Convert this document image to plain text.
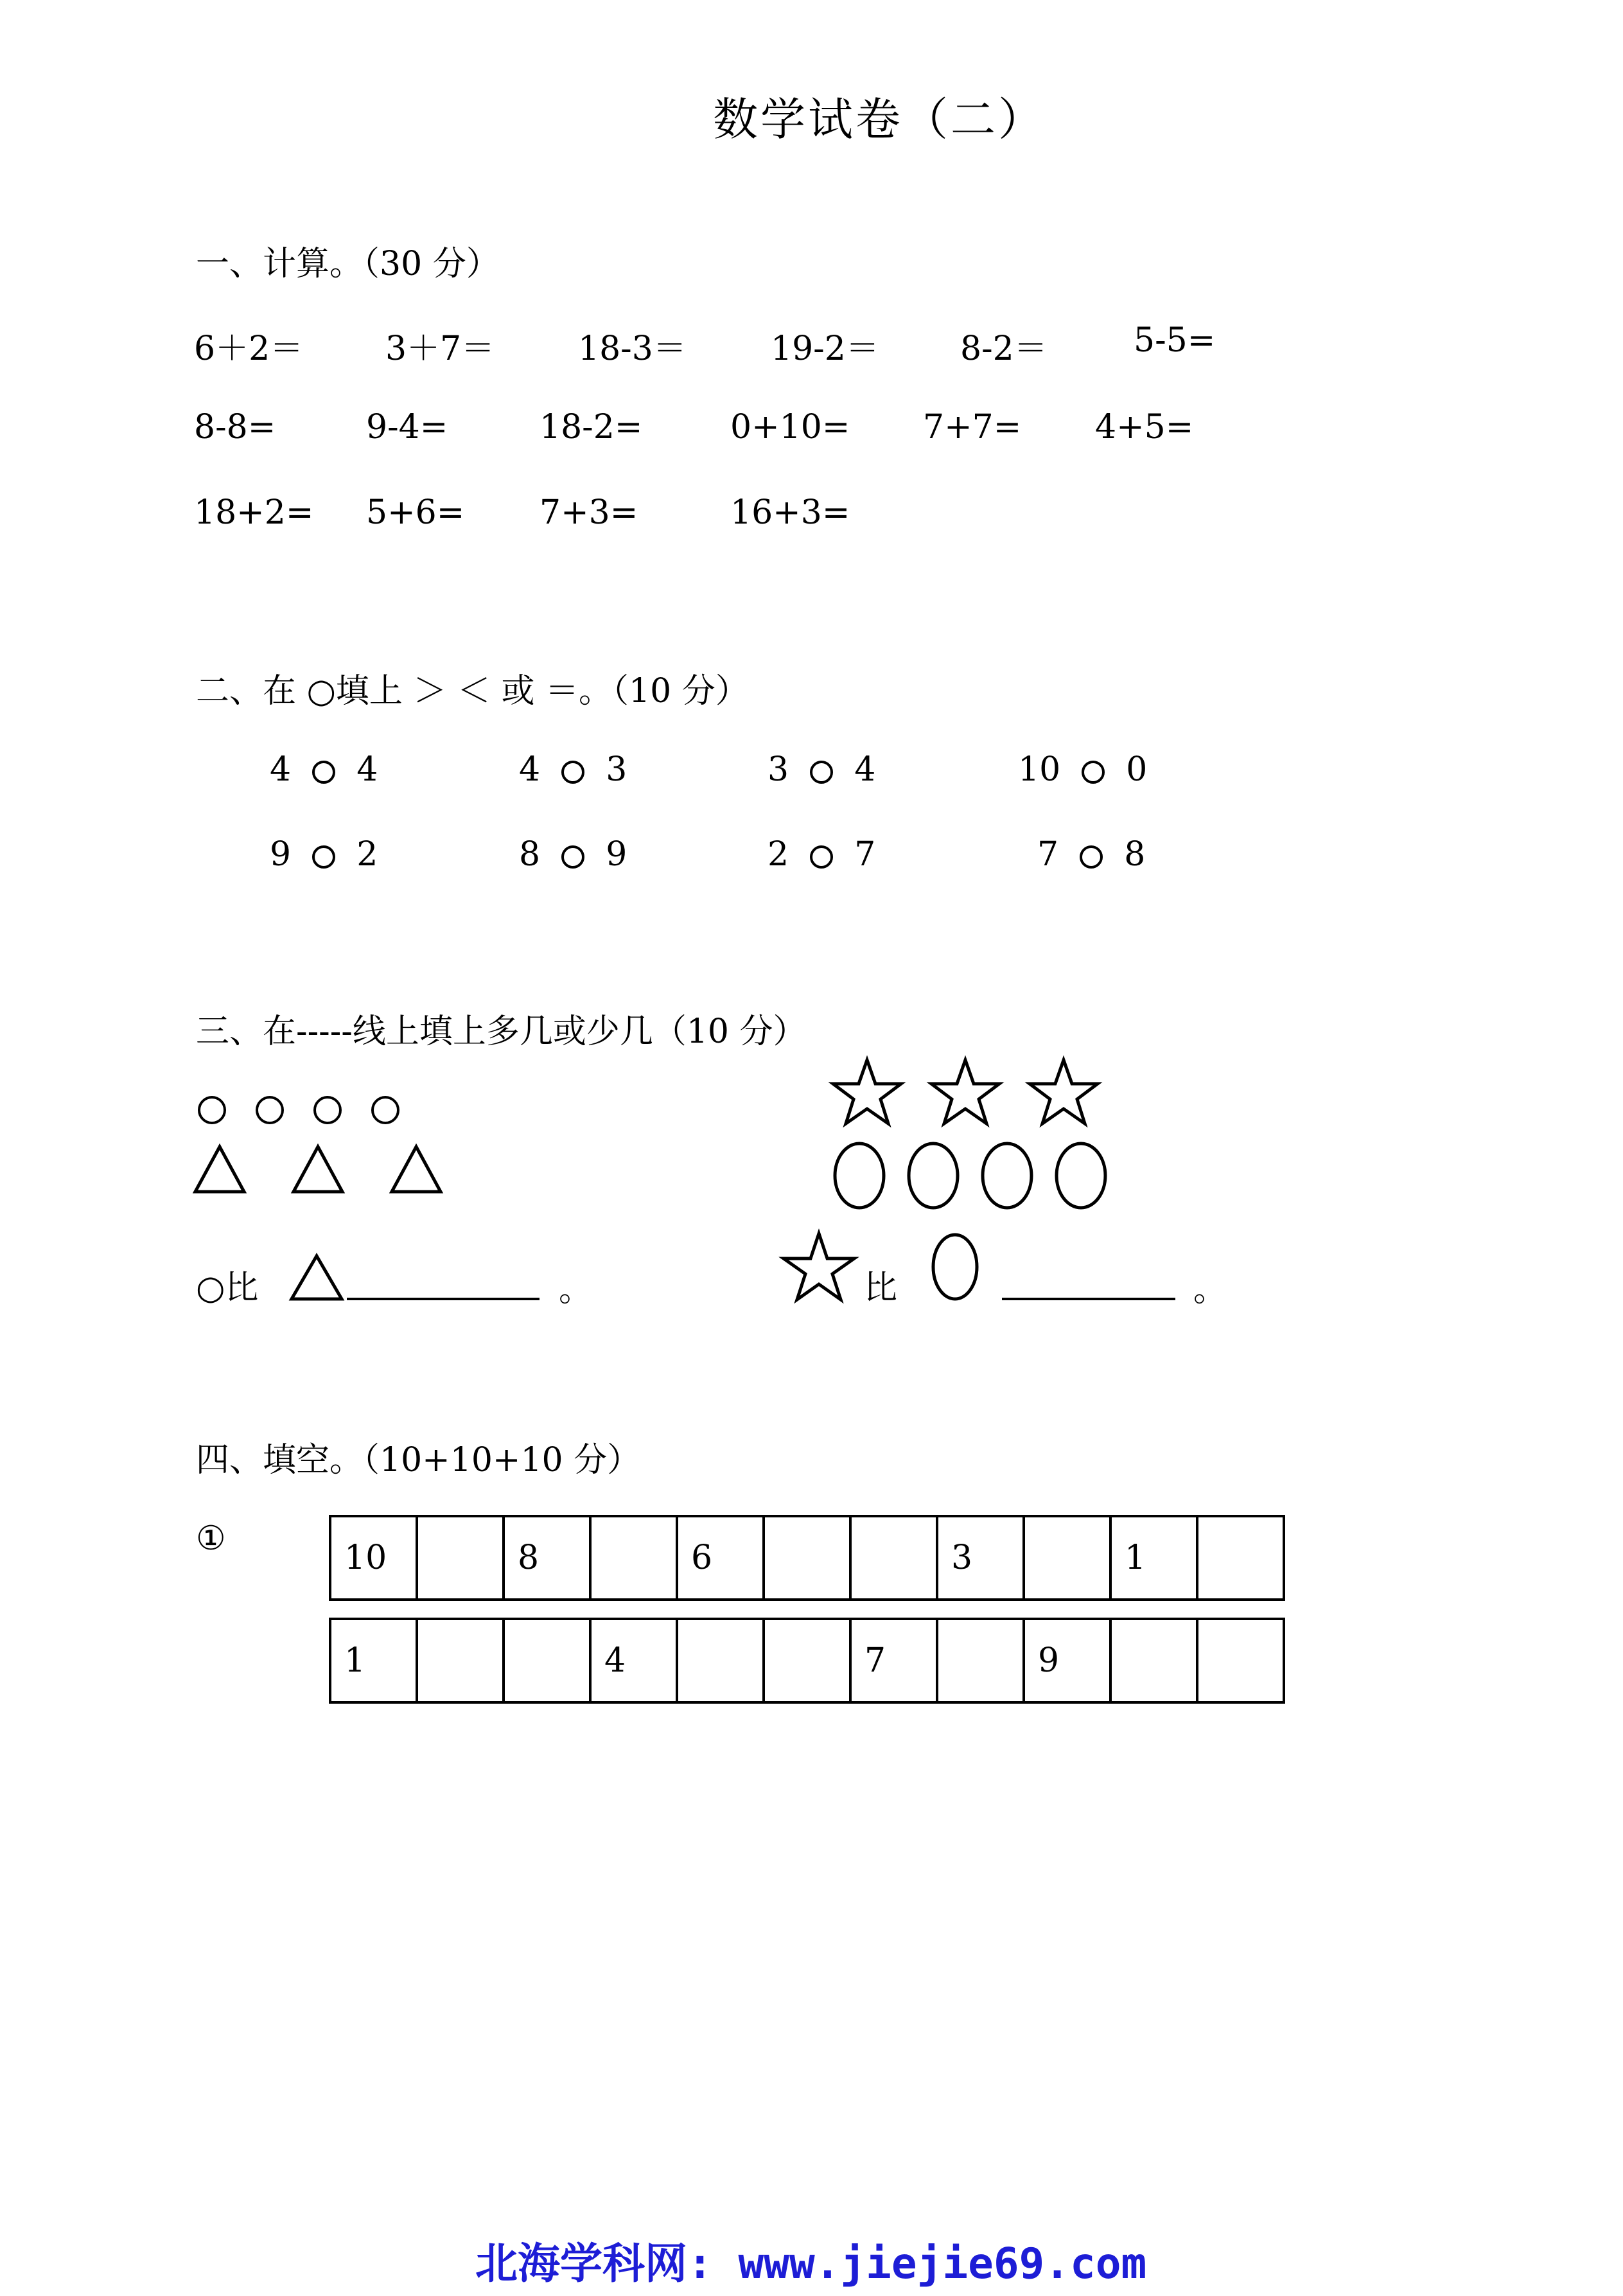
数学试卷（二）
一、计算。（30 分）
6＋2＝ 3＋7＝ 18-3＝	19-2＝ 8-2＝	5-5=
8-8=	9-4=	18-2=	0+10= 7+7= 4+5=
18+2= 5+6= 7+3=	16+3=
二、在 ○填上 ＞ ＜ 或 ＝。（10 分）
4 4	4 3	3 4	10 0
9 2	8 9	2 7	7 8
三、在-----线上填上多几或少几（10 分）
○比	。	比	。
四、填空。（10+10+10 分）
①	10		8		6			3		1	
1			4			7		9		
北海学科网: www.jiejie69.com
